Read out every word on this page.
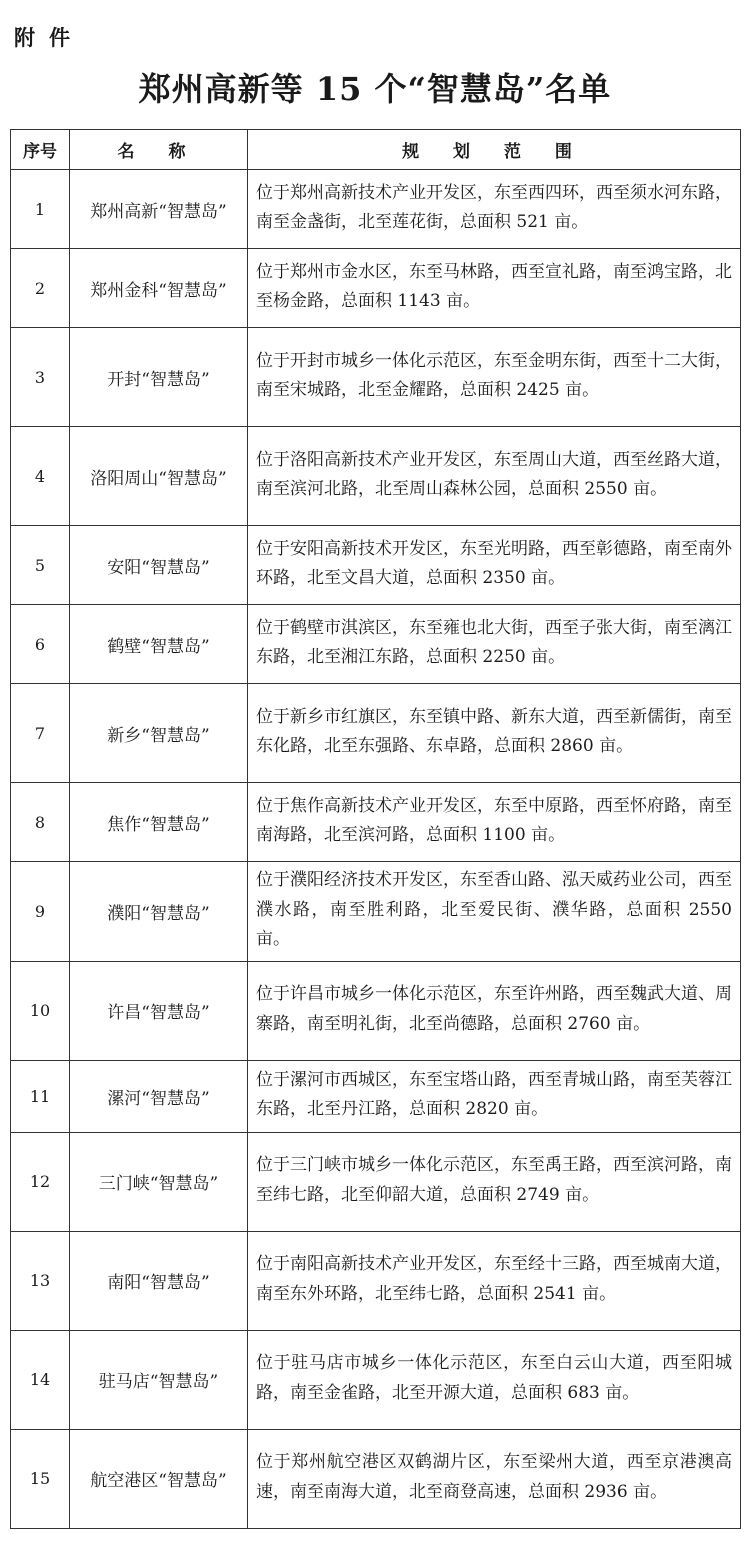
附件
郑州高新等 15 个“智慧岛”名单
序号	名 称	规 划 范 围
1	郑州高新“智慧岛”	位于郑州高新技术产业开发区，东至西四环，西至须水河东路，南至金盏街，北至莲花街，总面积 521 亩。
2	郑州金科“智慧岛”	位于郑州市金水区，东至马林路，西至宣礼路，南至鸿宝路，北至杨金路，总面积 1143 亩。
3	开封“智慧岛”	位于开封市城乡一体化示范区，东至金明东街，西至十二大街，南至宋城路，北至金耀路，总面积 2425 亩。
4	洛阳周山“智慧岛”	位于洛阳高新技术产业开发区，东至周山大道，西至丝路大道，南至滨河北路，北至周山森林公园，总面积 2550 亩。
5	安阳“智慧岛”	位于安阳高新技术开发区，东至光明路，西至彰德路，南至南外环路，北至文昌大道，总面积 2350 亩。
6	鹤壁“智慧岛”	位于鹤壁市淇滨区，东至雍也北大街，西至子张大街，南至漓江东路，北至湘江东路，总面积 2250 亩。
7	新乡“智慧岛”	位于新乡市红旗区，东至镇中路、新东大道，西至新儒街，南至东化路，北至东强路、东卓路，总面积 2860 亩。
8	焦作“智慧岛”	位于焦作高新技术产业开发区，东至中原路，西至怀府路，南至南海路，北至滨河路，总面积 1100 亩。
9	濮阳“智慧岛”	位于濮阳经济技术开发区，东至香山路、泓天威药业公司，西至濮水路，南至胜利路，北至爱民街、濮华路，总面积 2550 亩。
10	许昌“智慧岛”	位于许昌市城乡一体化示范区，东至许州路，西至魏武大道、周寨路，南至明礼街，北至尚德路，总面积 2760 亩。
11	漯河“智慧岛”	位于漯河市西城区，东至宝塔山路，西至青城山路，南至芙蓉江东路，北至丹江路，总面积 2820 亩。
12	三门峡“智慧岛”	位于三门峡市城乡一体化示范区，东至禹王路，西至滨河路，南至纬七路，北至仰韶大道，总面积 2749 亩。
13	南阳“智慧岛”	位于南阳高新技术产业开发区，东至经十三路，西至城南大道，南至东外环路，北至纬七路，总面积 2541 亩。
14	驻马店“智慧岛”	位于驻马店市城乡一体化示范区，东至白云山大道，西至阳城路，南至金雀路，北至开源大道，总面积 683 亩。
15	航空港区“智慧岛”	位于郑州航空港区双鹤湖片区，东至梁州大道，西至京港澳高速，南至南海大道，北至商登高速，总面积 2936 亩。
